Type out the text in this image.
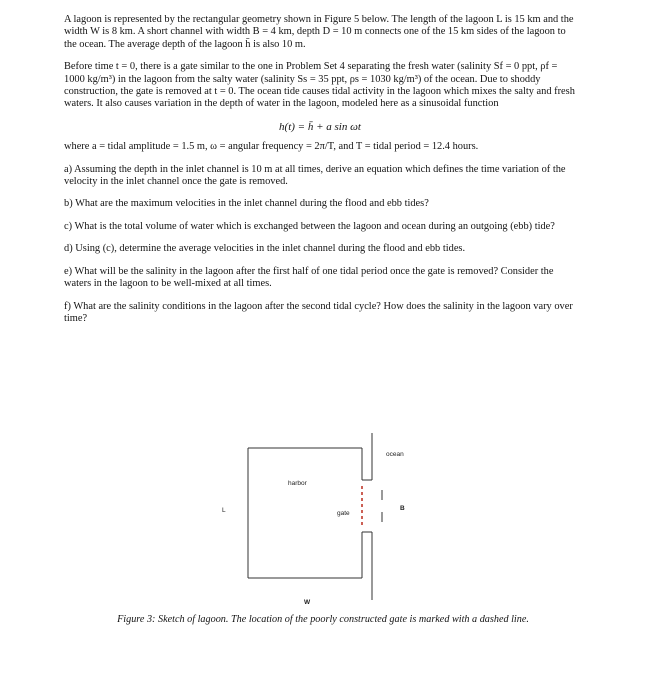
A lagoon is represented by the rectangular geometry shown in Figure 5 below. The length of the lagoon L is 15 km and the width W is 8 km. A short channel with width B = 4 km, depth D = 10 m connects one of the 15 km sides of the lagoon to the ocean. The average depth of the lagoon h̄ is also 10 m.

Before time t = 0, there is a gate similar to the one in Problem Set 4 separating the fresh water (salinity Sf = 0 ppt, ρf = 1000 kg/m³) in the lagoon from the salty water (salinity Ss = 35 ppt, ρs = 1030 kg/m³) of the ocean. Due to shoddy construction, the gate is removed at t = 0. The ocean tide causes tidal activity in the lagoon which mixes the salty and fresh waters. It also causes variation in the depth of water in the lagoon, modeled here as a sinusoidal function

h(t) = h̄ + a sin ωt

where a = tidal amplitude = 1.5 m, ω = angular frequency = 2π/T, and T = tidal period = 12.4 hours.

a) Assuming the depth in the inlet channel is 10 m at all times, derive an equation which defines the time variation of the velocity in the inlet channel once the gate is removed.

b) What are the maximum velocities in the inlet channel during the flood and ebb tides?

c) What is the total volume of water which is exchanged between the lagoon and ocean during an outgoing (ebb) tide?

d) Using (c), determine the average velocities in the inlet channel during the flood and ebb tides.

e) What will be the salinity in the lagoon after the first half of one tidal period once the gate is removed? Consider the waters in the lagoon to be well-mixed at all times.

f) What are the salinity conditions in the lagoon after the second tidal cycle? How does the salinity in the lagoon vary over time?

ocean
harbor
gate
L	B
W

Figure 3: Sketch of lagoon. The location of the poorly constructed gate is marked with a dashed line.
